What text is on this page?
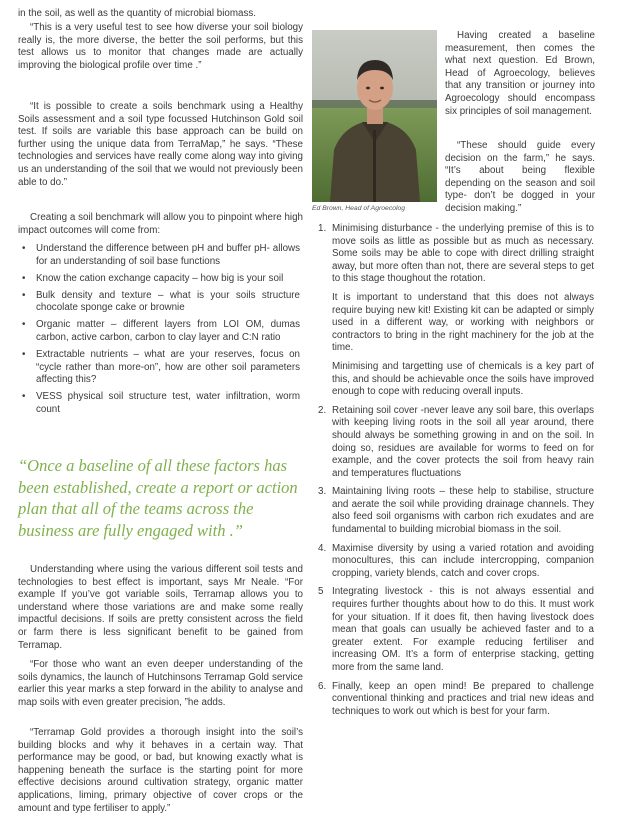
in the soil, as well as the quantity of microbial biomass.

“This is a very useful test to see how diverse your soil biology really is, the more diverse, the better the soil performs, but this test allows us to monitor that changes made are actually improving the biological profile over time .”

“It is possible to create a soils benchmark using a Healthy Soils assessment and a soil type focussed Hutchinson Gold soil test. If soils are variable this base approach can be build on further using the unique data from TerraMap,” he says. “These technologies and services have really come along way into giving us an understanding of the soil that we would not previously been able to do.”

Creating a soil benchmark will allow you to pinpoint where high impact outcomes will come from:

• Understand the difference between pH and buffer pH- allows for an understanding of soil base functions
• Know the cation exchange capacity – how big is your soil
• Bulk density and texture – what is your soils structure chocolate sponge cake or brownie
• Organic matter – different layers from LOI OM, dumas carbon, active carbon, carbon to clay layer and C:N ratio
• Extractable nutrients – what are your reserves, focus on “cycle rather than more-on”, how are other soil parameters affecting this?
• VESS physical soil structure test, water infiltration, worm count

“Once a baseline of all these factors has been established, create a report or action plan that all of the teams across the business are fully engaged with .”

Understanding where using the various different soil tests and technologies to best effect is important, says Mr Neale. “For example If you’ve got variable soils, Terramap allows you to understand where those variations are and make some really impactful decisions. If soils are pretty consistent across the field or farm there is less significant benefit to be gained from Terramap.

“For those who want an even deeper understanding of the soils dynamics, the launch of Hutchinsons Terramap Gold service earlier this year marks a step forward in the ability to analyse and map soils with even greater precision, ”he adds.

“Terramap Gold provides a thorough insight into the soil’s building blocks and why it behaves in a certain way. That performance may be good, or bad, but knowing exactly what is happening beneath the surface is the starting point for more effective decisions around cultivation strategy, organic matter applications, liming, primary objective of cover crops or the amount and type fertiliser to apply.”

Ed Brown, Head of Agroecolog

Having created a baseline measurement, then comes the what next question. Ed Brown, Head of Agroecology, believes that any transition or journey into Agroecology should encompass six principles of soil management.

“These should guide every decision on the farm,” he says. “It’s about being flexible depending on the season and soil type- don’t be dogged in your decision making.”

1. Minimising disturbance - the underlying premise of this is to move soils as little as possible but as much as necessary. Some soils may be able to cope with direct drilling straight away, but more often than not, there are several steps to get to this stage thoughout the rotation.

It is important to understand that this does not always require buying new kit! Existing kit can be adapted or simply used in a different way, or working with neighbors or contractors to bring in the right machinery for the job at the time.

Minimising and targetting use of chemicals is a key part of this, and should be achievable once the soils have improved enough to cope with reducing overall inputs.

2. Retaining soil cover -never leave any soil bare, this overlaps with keeping living roots in the soil all year around, there should always be something growing in and on the soil. In doing so, residues are available for worms to feed on for example, and the cover protects the soil from heavy rain and temperatures fluctuations

3. Maintaining living roots – these help to stabilise, structure and aerate the soil while providing drainage channels. They also feed soil organisms with carbon rich exudates and are fundamental to building microbial biomass in the soil.

4. Maximise diversity by using a varied rotation and avoiding monocultures, this can include intercropping, companion cropping, variety blends, catch and cover crops.

5 Integrating livestock - this is not always essential and requires further thoughts about how to do this. It must work for your situation. If it does fit, then having livestock does mean that goals can usually be achieved faster and to a greater extent. For example reducing fertiliser and increasing OM. It’s a form of enterprise stacking, getting more from the same land.

6. Finally, keep an open mind! Be prepared to challenge conventional thinking and practices and trial new ideas and techniques to work out which is best for your farm.
